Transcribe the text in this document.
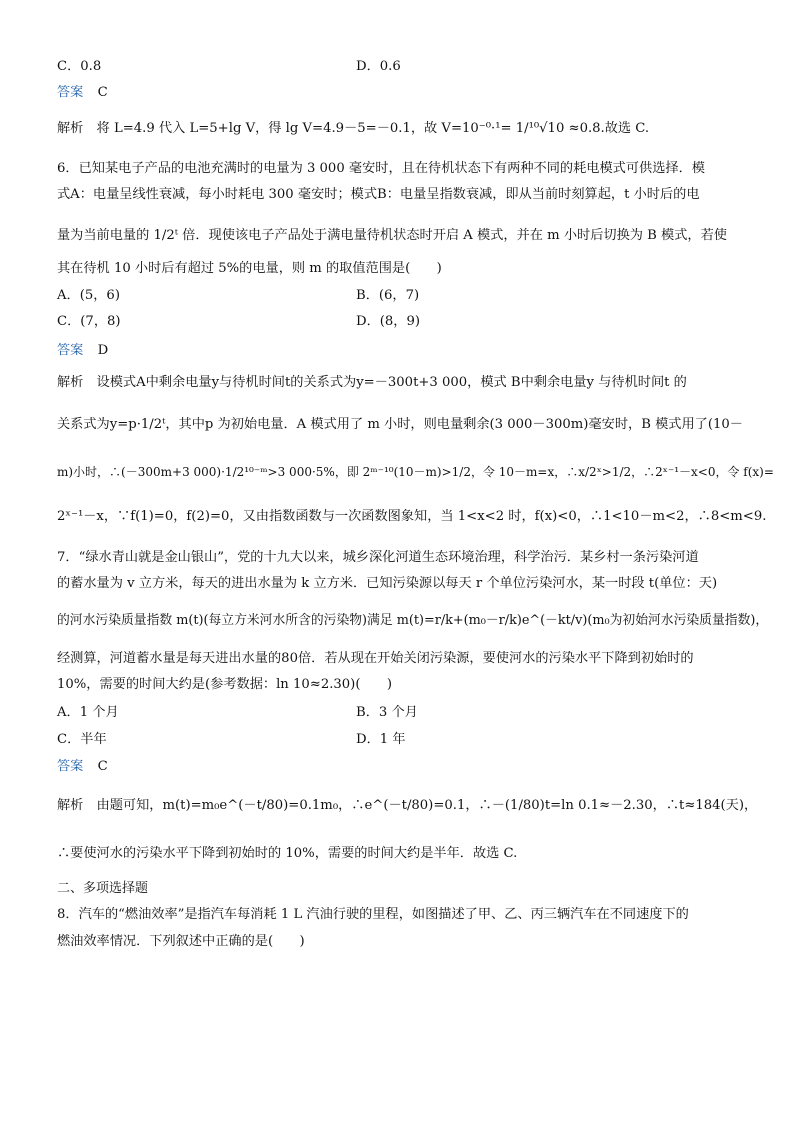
C．0.8	D．0.6
答案 C
解析　将 L=4.9 代入 L=5+lg V，得 lg V=4.9－5=－0.1，故 V=10⁻⁰·¹= 1/¹⁰√10 ≈0.8.故选 C.
6．已知某电子产品的电池充满时的电量为 3 000 毫安时，且在待机状态下有两种不同的耗电模式可供选择．模
式A：电量呈线性衰减，每小时耗电 300 毫安时；模式B：电量呈指数衰减，即从当前时刻算起，t 小时后的电
量为当前电量的 1/2ᵗ 倍．现使该电子产品处于满电量待机状态时开启 A 模式，并在 m 小时后切换为 B 模式，若使
其在待机 10 小时后有超过 5%的电量，则 m 的取值范围是(　　)
A．(5，6)	B．(6，7)
C．(7，8)	D．(8，9)
答案 D
解析　设模式A中剩余电量y与待机时间t的关系式为y=－300t+3 000，模式 B中剩余电量y 与待机时间t 的
关系式为y=p·1/2ᵗ，其中p 为初始电量．A 模式用了 m 小时，则电量剩余(3 000－300m)毫安时，B 模式用了(10－
m)小时，∴(－300m+3 000)·1/2¹⁰⁻ᵐ>3 000·5%，即 2ᵐ⁻¹⁰(10－m)>1/2，令 10－m=x，∴x/2ˣ>1/2，∴2ˣ⁻¹－x<0，令 f(x)=
2ˣ⁻¹－x，∵f(1)=0，f(2)=0，又由指数函数与一次函数图象知，当 1<x<2 时，f(x)<0，∴1<10－m<2，∴8<m<9.
7．“绿水青山就是金山银山”，党的十九大以来，城乡深化河道生态环境治理，科学治污．某乡村一条污染河道
的蓄水量为 v 立方米，每天的进出水量为 k 立方米．已知污染源以每天 r 个单位污染河水，某一时段 t(单位：天)
的河水污染质量指数 m(t)(每立方米河水所含的污染物)满足 m(t)=r/k+(m₀－r/k)e^(－kt/v)(m₀为初始河水污染质量指数)，
经测算，河道蓄水量是每天进出水量的80倍．若从现在开始关闭污染源，要使河水的污染水平下降到初始时的
10%，需要的时间大约是(参考数据：ln 10≈2.30)(　　)
A．1 个月	B．3 个月
C．半年	D．1 年
答案 C
解析　由题可知，m(t)=m₀e^(－t/80)=0.1m₀，∴e^(－t/80)=0.1，∴－(1/80)t=ln 0.1≈－2.30，∴t≈184(天)，
∴要使河水的污染水平下降到初始时的 10%，需要的时间大约是半年．故选 C.
二、多项选择题
8．汽车的“燃油效率”是指汽车每消耗 1 L 汽油行驶的里程，如图描述了甲、乙、丙三辆汽车在不同速度下的
燃油效率情况．下列叙述中正确的是(　　)
